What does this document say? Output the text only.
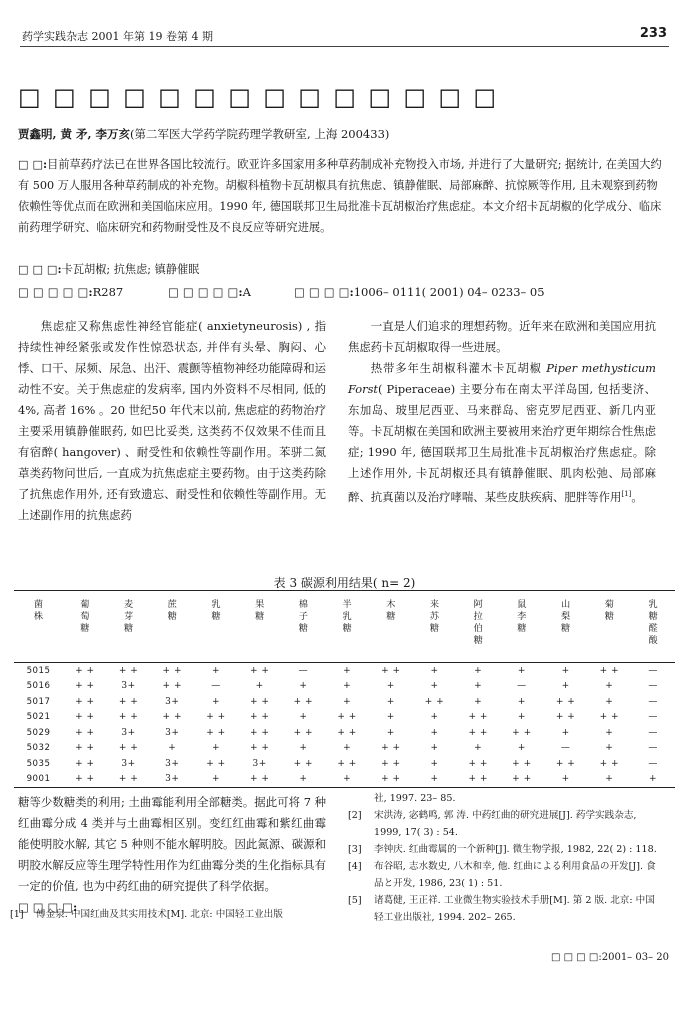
药学实践杂志 2001 年第 19 卷第 4 期	233
□ □ □ □ □ □ □ □ □ □ □ □ □ □
贾鑫明, 黄 矛, 李万亥(第二军医大学药学院药理学教研室, 上海 200433)
□ □:目前草药疗法已在世界各国比较流行。欧亚许多国家用多种草药制成补充物投入市场, 并进行了大量研究; 据统计, 在美国大约有 500 万人服用各种草药制成的补充物。胡椒科植物卡瓦胡椒具有抗焦虑、镇静催眠、局部麻醉、抗惊厥等作用, 且未观察到药物依赖性等优点而在欧洲和美国临床应用。1990 年, 德国联邦卫生局批准卡瓦胡椒治疗焦虑症。本文介绍卡瓦胡椒的化学成分、临床前药理学研究、临床研究和药物耐受性及不良反应等研究进展。
□ □ □:卡瓦胡椒; 抗焦虑; 镇静催眠
□ □ □ □ □:R287	□ □ □ □ □:A	□ □ □ □:1006– 0111( 2001) 04– 0233– 05

焦虑症又称焦虑性神经官能症( anxietyneurosis) , 指持续性神经紧张或发作性惊恐状态, 并伴有头晕、胸闷、心悸、口干、尿频、尿急、出汗、震颤等植物神经功能障碍和运动性不安。关于焦虑症的发病率, 国内外资料不尽相同, 低的 4%, 高者 16% 。20 世纪50 年代末以前, 焦虑症的药物治疗主要采用镇静催眠药, 如巴比妥类, 这类药不仅效果不佳而且有宿醉( hangover) 、耐受性和依赖性等副作用。苯骈二氮䓬类药物问世后, 一直成为抗焦虑症主要药物。由于这类药除了抗焦虑作用外, 还有致遗忘、耐受性和依赖性等副作用。无上述副作用的抗焦虑药

一直是人们追求的理想药物。近年来在欧洲和美国应用抗焦虑药卡瓦胡椒取得一些进展。

热带多年生胡椒科灌木卡瓦胡椒 Piper methysticum Forst( Piperaceae) 主要分布在南太平洋岛国, 包括斐济、东加岛、玻里尼西亚、马来群岛、密克罗尼西亚、新几内亚等。卡瓦胡椒在美国和欧洲主要被用来治疗更年期综合性焦虑症; 1990 年, 德国联邦卫生局批准卡瓦胡椒治疗焦虑症。除上述作用外, 卡瓦胡椒还具有镇静催眠、肌肉松弛、局部麻醉、抗真菌以及治疗哮喘、某些皮肤疾病、肥胖等作用[1]。

表 3 碳源利用结果( n= 2)
菌株	葡萄糖	麦芽糖	蔗糖	乳糖	果糖	棉子糖	半乳糖	木糖	来苏糖	阿拉伯糖	鼠李糖	山梨糖	菊糖	乳糖醛酸
5015	+ +	+ +	+ +	+	+ +	—	+	+ +	+	+	+	+	+ +	—
5016	+ +	3+	+ +	—	+	+	+	+	+	+	—	+	+	—
5017	+ +	+ +	3+	+	+ +	+ +	+	+	+ +	+	+	+ +	+	—
5021	+ +	+ +	+ +	+ +	+ +	+	+ +	+	+	+ +	+	+ +	+ +	—
5029	+ +	3+	3+	+ +	+ +	+ +	+ +	+	+	+ +	+ +	+	+	—
5032	+ +	+ +	+	+	+ +	+	+	+ +	+	+	+	—	+	—
5035	+ +	3+	3+	+ +	3+	+ +	+ +	+ +	+	+ +	+ +	+ +	+ +	—
9001	+ +	+ +	3+	+	+ +	+	+	+ +	+	+ +	+ +	+	+	+

糖等少数糖类的利用; 土曲霉能利用全部糖类。据此可将 7 种红曲霉分成 4 类并与土曲霉相区别。变红红曲霉和紫红曲霉能使明胶水解, 其它 5 种则不能水解明胶。因此氮源、碳源和明胶水解反应等生理学特性用作为红曲霉分类的生化指标具有一定的价值, 也为中药红曲的研究提供了科学依据。

□ □ □ □:

[1] 傅金泉. 中国红曲及其实用技术[M]. 北京: 中国轻工业出版
社, 1997. 23– 85.
[2] 宋洪涛, 宓鹤鸣, 郭 涛. 中药红曲的研究进展[J]. 药学实践杂志, 1999, 17( 3) : 54.
[3] 李钟庆. 红曲霉属的一个新种[J]. 微生物学报, 1982, 22( 2) : 118.
[4] 布谷昭, 志水数史, 八木和幸, 他. 红曲による利用食品の开发[J]. 食品と开发, 1986, 23( 1) : 51.
[5] 诸葛健, 王正祥. 工业微生物实验技术手册[M]. 第 2 版. 北京: 中国轻工业出版社, 1994. 202– 265.
□ □ □ □:2001– 03– 20
